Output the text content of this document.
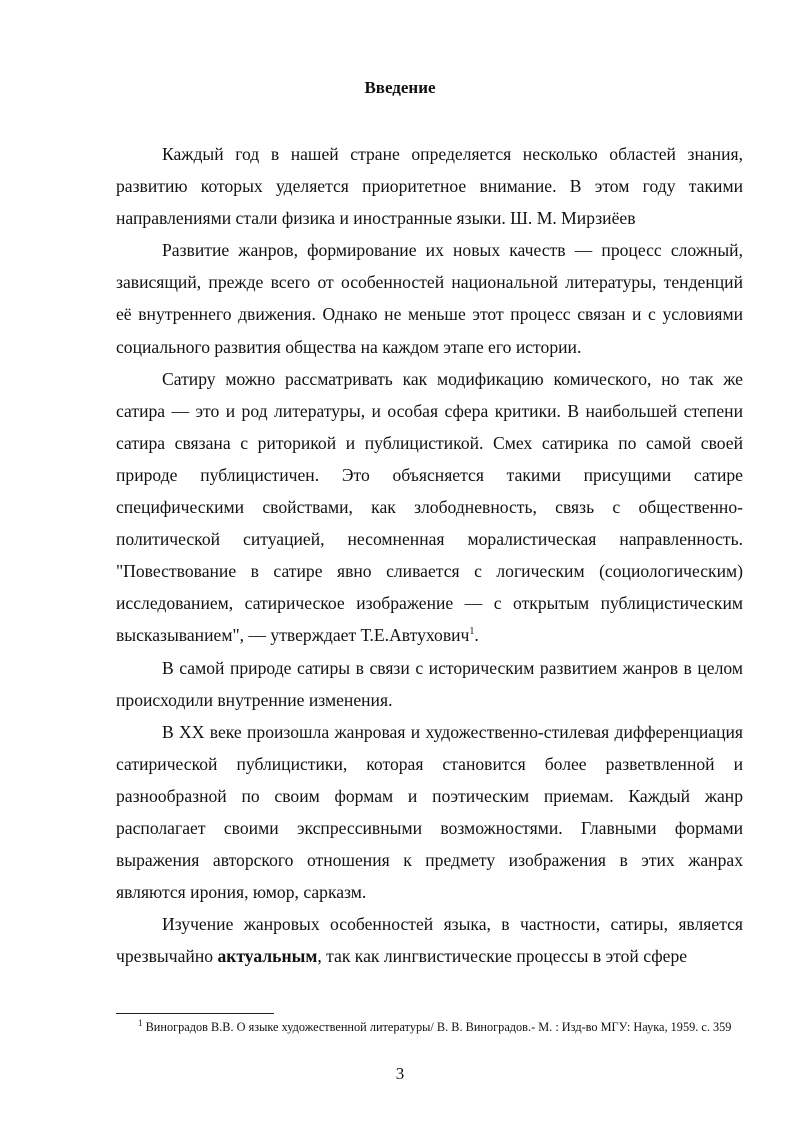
Введение

Каждый год в нашей стране определяется несколько областей знания, развитию которых уделяется приоритетное внимание. В этом году такими направлениями стали физика и иностранные языки. Ш. М. Мирзиёев

Развитие жанров, формирование их новых качеств — процесс сложный, зависящий, прежде всего от особенностей национальной литературы, тенденций её внутреннего движения. Однако не меньше этот процесс связан и с условиями социального развития общества на каждом этапе его истории.

Сатиру можно рассматривать как модификацию комического, но так же сатира — это и род литературы, и особая сфера критики. В наибольшей степени сатира связана с риторикой и публицистикой. Смех сатирика по самой своей природе публицистичен. Это объясняется такими присущими сатире специфическими свойствами, как злободневность, связь с общественно-политической ситуацией, несомненная моралистическая направленность. "Повествование в сатире явно сливается с логическим (социологическим) исследованием, сатирическое изображение — с открытым публицистическим высказыванием", — утверждает Т.Е.Автухович$^1$.

В самой природе сатиры в связи с историческим развитием жанров в целом происходили внутренние изменения.

В XX веке произошла жанровая и художественно-стилевая дифференциация сатирической публицистики, которая становится более разветвленной и разнообразной по своим формам и поэтическим приемам. Каждый жанр располагает своими экспрессивными возможностями. Главными формами выражения авторского отношения к предмету изображения в этих жанрах являются ирония, юмор, сарказм.

Изучение жанровых особенностей языка, в частности, сатиры, является чрезвычайно актуальным, так как лингвистические процессы в этой сфере

$^1$ Виноградов В.В. О языке художественной литературы/ В. В. Виноградов.- М. : Изд-во МГУ: Наука, 1959. с. 359
3
